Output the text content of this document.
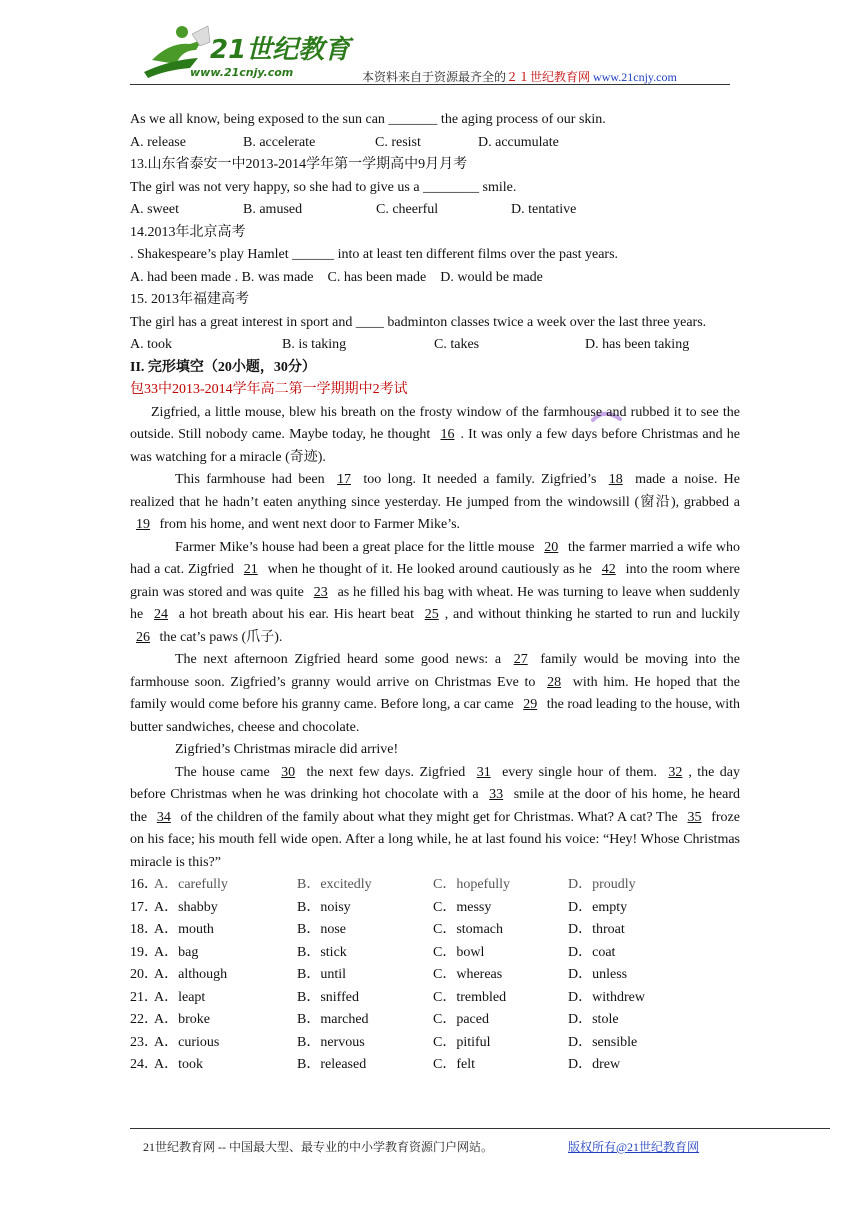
21世纪教育
www.21cnjy.com	本资料来自于资源最齐全的２１世纪教育网 www.21cnjy.com
As we all know, being exposed to the sun can _______ the aging process of our skin.
A. release	B. accelerate	C. resist	D. accumulate
13.山东省泰安一中2013-2014学年第一学期高中9月月考
The girl was not very happy, so she had to give us a ________ smile.
A. sweet	B. amused	C. cheerful	D. tentative
14.2013年北京高考
. Shakespeare’s play Hamlet ______ into at least ten different films over the past years.
A. had been made . B. was made    C. has been made    D. would be made
15. 2013年福建高考
The girl has a great interest in sport and ____ badminton classes twice a week over the last three years.
A. took	B. is taking	C. takes	D. has been taking
II. 完形填空（20小题，30分）
包33中2013-2014学年高二第一学期期中2考试
Zigfried, a little mouse, blew his breath on the frosty window of the farmhouse and rubbed it to see the outside. Still nobody came. Maybe today, he thought 16 . It was only a few days before Christmas and he was watching for a miracle (奇迹).
This farmhouse had been 17 too long. It needed a family. Zigfried’s 18 made a noise. He realized that he hadn’t eaten anything since yesterday. He jumped from the windowsill (窗沿), grabbed a 19 from his home, and went next door to Farmer Mike’s.
Farmer Mike’s house had been a great place for the little mouse 20 the farmer married a wife who had a cat. Zigfried 21 when he thought of it. He looked around cautiously as he 42 into the room where grain was stored and was quite 23 as he filled his bag with wheat. He was turning to leave when suddenly he 24 a hot breath about his ear. His heart beat 25 , and without thinking he started to run and luckily 26 the cat’s paws (爪子).
The next afternoon Zigfried heard some good news: a 27 family would be moving into the farmhouse soon. Zigfried’s granny would arrive on Christmas Eve to 28 with him. He hoped that the family would come before his granny came. Before long, a car came 29 the road leading to the house, with butter sandwiches, cheese and chocolate.
Zigfried’s Christmas miracle did arrive!
The house came 30 the next few days. Zigfried 31 every single hour of them. 32 , the day before Christmas when he was drinking hot chocolate with a 33 smile at the door of his home, he heard the 34 of the children of the family about what they might get for Christmas. What? A cat? The 35 froze on his face; his mouth fell wide open. After a long while, he at last found his voice: “Hey! Whose Christmas miracle is this?”
16．
A．carefully	B．excitedly	C．hopefully	D．proudly
17．
A．shabby	B．noisy	C．messy	D．empty
18．
A．mouth	B．nose	C．stomach	D．throat
19．
A．bag	B．stick	C．bowl	D．coat
20．
A．although	B．until	C．whereas	D．unless
21．
A．leapt	B．sniffed	C．trembled	D．withdrew
22．
A．broke	B．marched	C．paced	D．stole
23．
A．curious	B．nervous	C．pitiful	D．sensible
24．
A．took	B．released	C．felt	D．drew
21世纪教育网 -- 中国最大型、最专业的中小学教育资源门户网站。	版权所有@21世纪教育网
